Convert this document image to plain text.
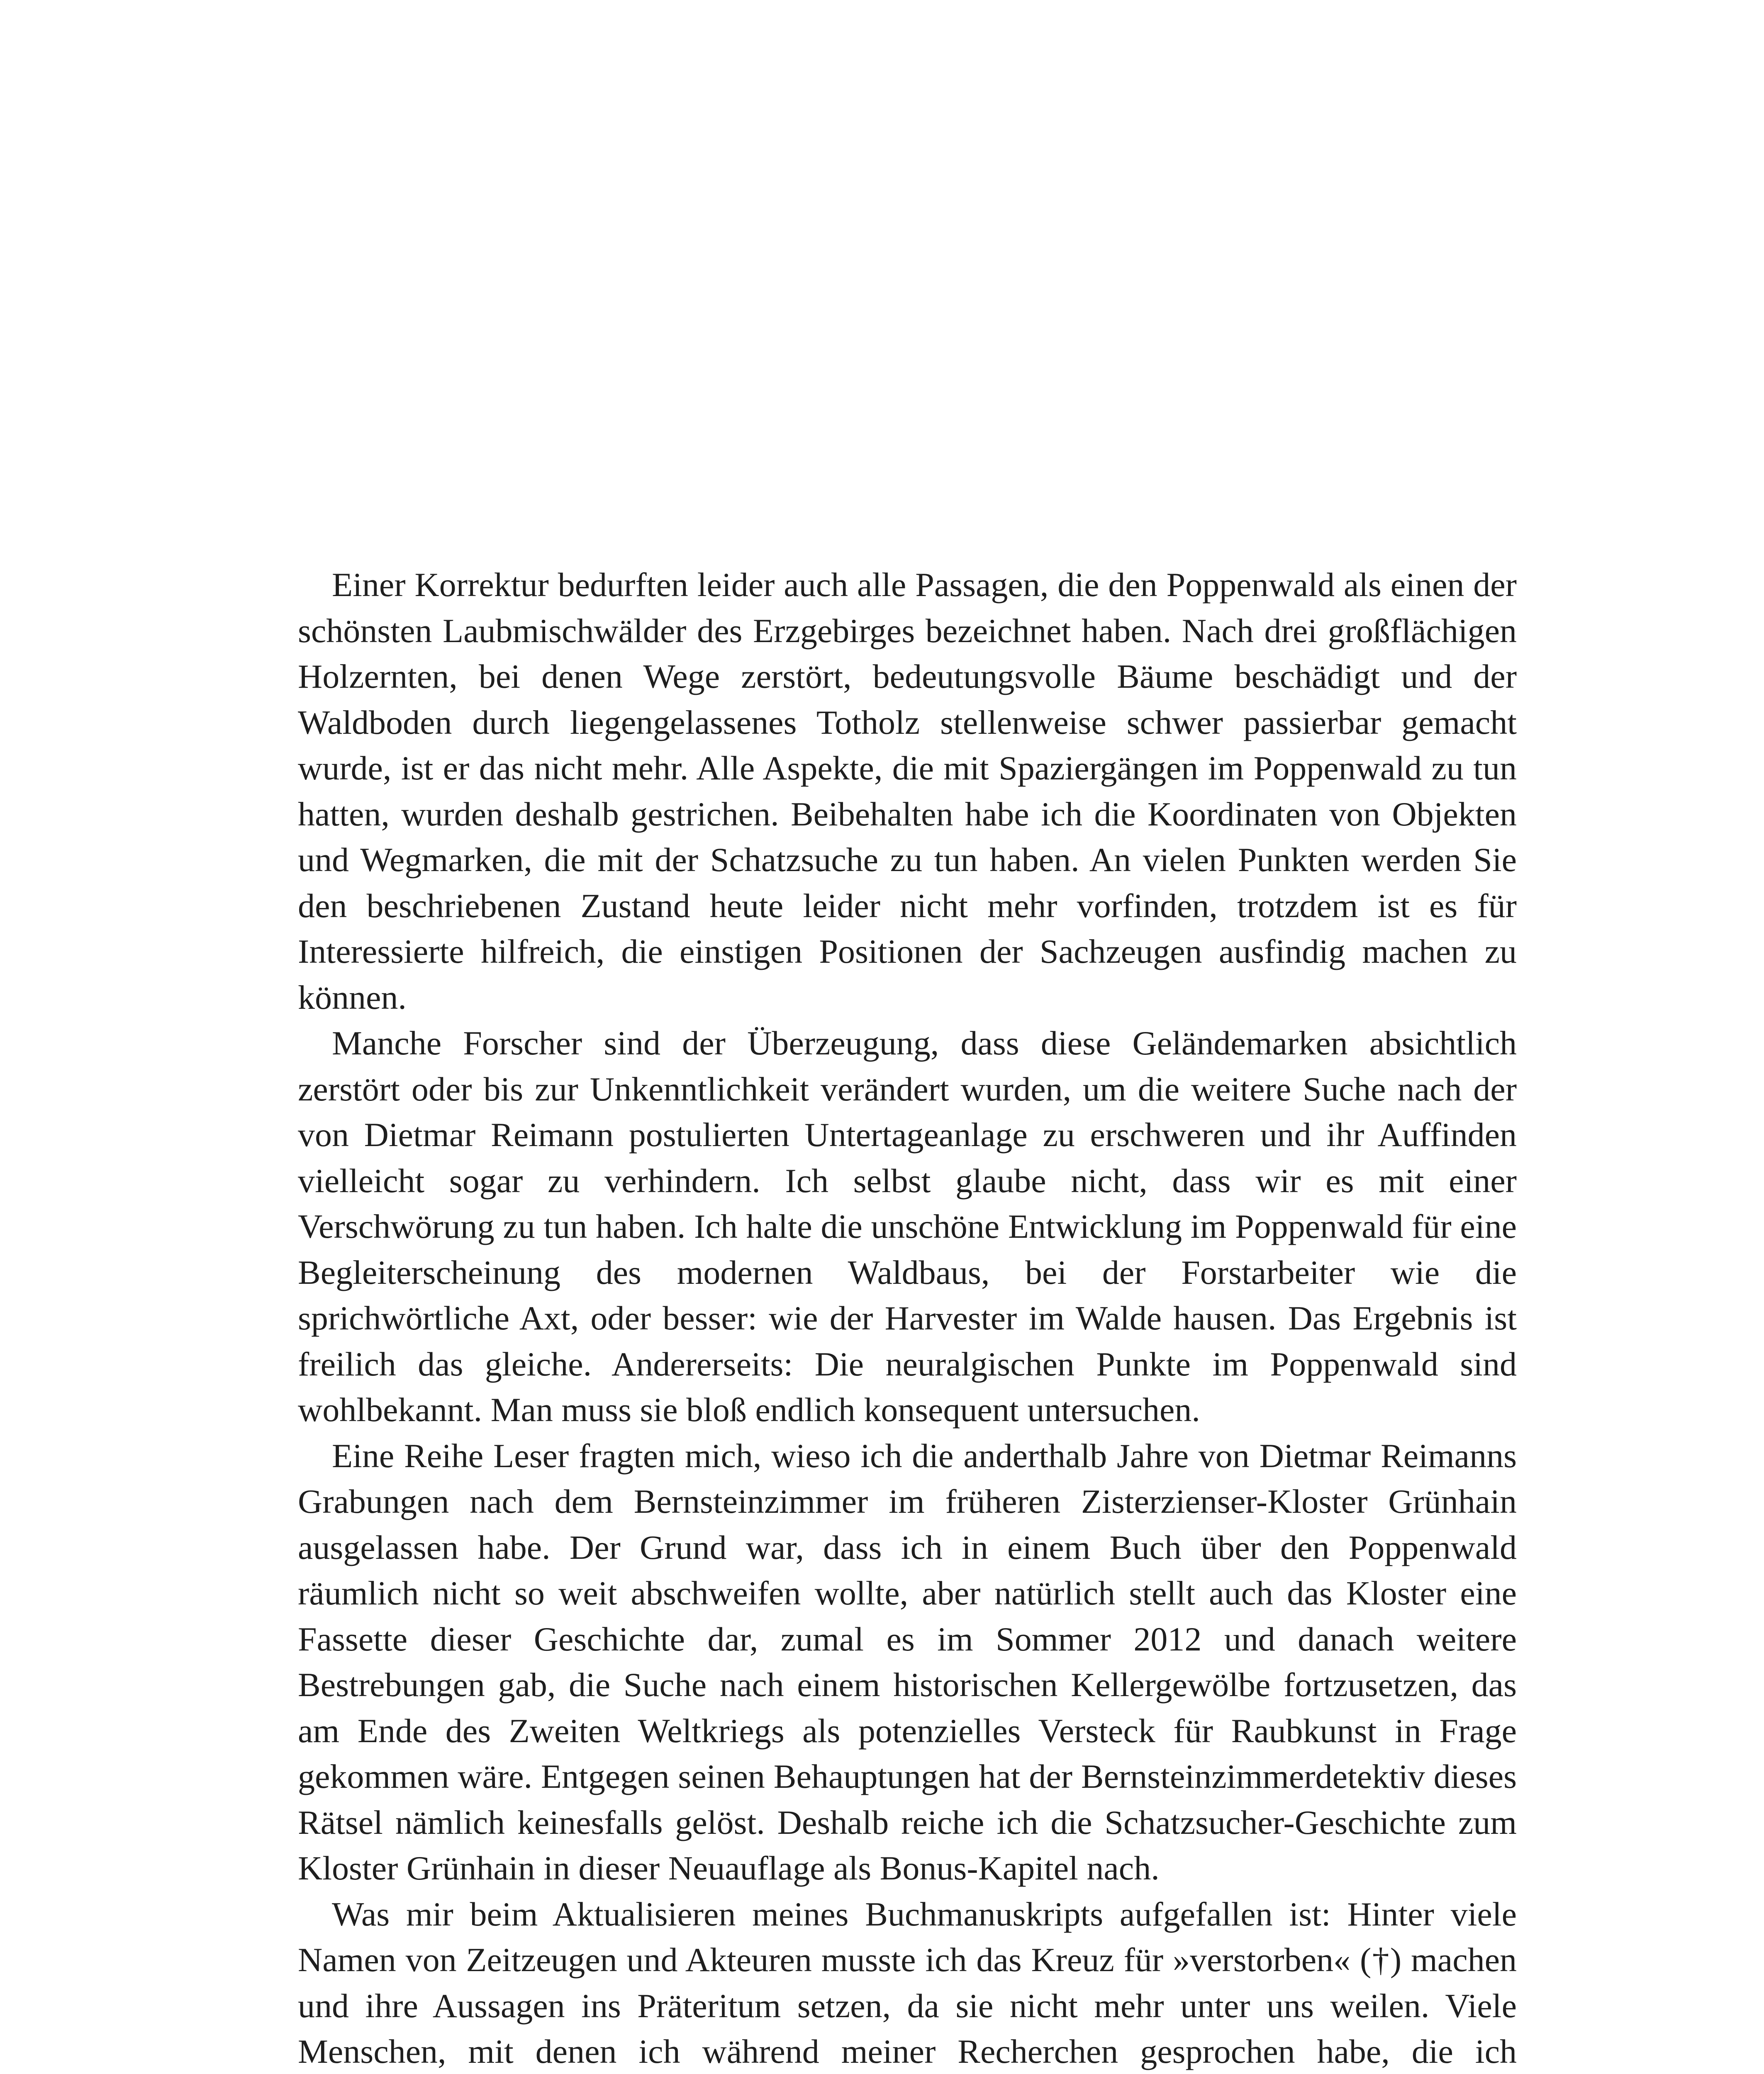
Einer Korrektur bedurften leider auch alle Passagen, die den Poppenwald als einen der schönsten Laubmischwälder des Erzgebirges bezeichnet haben. Nach drei großflächigen Holzernten, bei denen Wege zerstört, bedeutungsvolle Bäume beschädigt und der Waldboden durch liegengelassenes Totholz stellenweise schwer passierbar gemacht wurde, ist er das nicht mehr. Alle Aspekte, die mit Spaziergängen im Poppenwald zu tun hatten, wurden deshalb gestrichen. Beibehalten habe ich die Koordinaten von Objekten und Wegmarken, die mit der Schatzsuche zu tun haben. An vielen Punkten werden Sie den beschriebenen Zustand heute leider nicht mehr vorfinden, trotzdem ist es für Interessierte hilfreich, die einstigen Positionen der Sachzeugen ausfindig machen zu können.

Manche Forscher sind der Überzeugung, dass diese Geländemarken absichtlich zerstört oder bis zur Unkenntlichkeit verändert wurden, um die weitere Suche nach der von Dietmar Reimann postulierten Untertageanlage zu erschweren und ihr Auffinden vielleicht sogar zu verhindern. Ich selbst glaube nicht, dass wir es mit einer Verschwörung zu tun haben. Ich halte die unschöne Entwicklung im Poppenwald für eine Begleiterscheinung des modernen Waldbaus, bei der Forstarbeiter wie die sprichwörtliche Axt, oder besser: wie der Harvester im Walde hausen. Das Ergebnis ist freilich das gleiche. Andererseits: Die neuralgischen Punkte im Poppenwald sind wohlbekannt. Man muss sie bloß endlich konsequent untersuchen.

Eine Reihe Leser fragten mich, wieso ich die anderthalb Jahre von Dietmar Reimanns Grabungen nach dem Bernsteinzimmer im früheren Zisterzienser-Kloster Grünhain ausgelassen habe. Der Grund war, dass ich in einem Buch über den Poppenwald räumlich nicht so weit abschweifen wollte, aber natürlich stellt auch das Kloster eine Fassette dieser Geschichte dar, zumal es im Sommer 2012 und danach weitere Bestrebungen gab, die Suche nach einem historischen Kellergewölbe fortzusetzen, das am Ende des Zweiten Weltkriegs als potenzielles Versteck für Raubkunst in Frage gekommen wäre. Entgegen seinen Behauptungen hat der Bernsteinzimmerdetektiv dieses Rätsel nämlich keinesfalls gelöst. Deshalb reiche ich die Schatzsucher-Geschichte zum Kloster Grünhain in dieser Neuauflage als Bonus-Kapitel nach.

Was mir beim Aktualisieren meines Buchmanuskripts aufgefallen ist: Hinter viele Namen von Zeitzeugen und Akteuren musste ich das Kreuz für »verstorben« (†) machen und ihre Aussagen ins Präteritum setzen, da sie nicht mehr unter uns weilen. Viele Menschen, mit denen ich während meiner Recherchen gesprochen habe, die ich
